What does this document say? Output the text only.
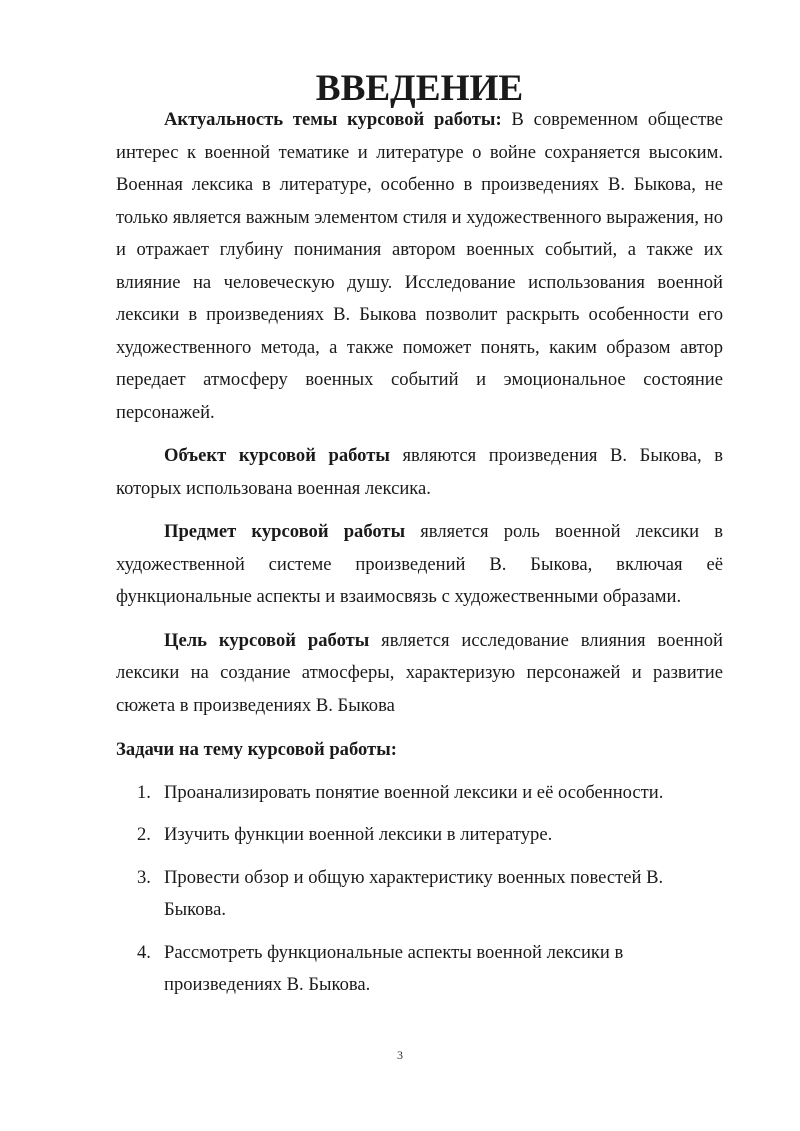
ВВЕДЕНИЕ

Актуальность темы курсовой работы: В современном обществе интерес к военной тематике и литературе о войне сохраняется высоким. Военная лексика в литературе, особенно в произведениях В. Быкова, не только является важным элементом стиля и художественного выражения, но и отражает глубину понимания автором военных событий, а также их влияние на человеческую душу. Исследование использования военной лексики в произведениях В. Быкова позволит раскрыть особенности его художественного метода, а также поможет понять, каким образом автор передает атмосферу военных событий и эмоциональное состояние персонажей.

Объект курсовой работы являются произведения В. Быкова, в которых использована военная лексика.

Предмет курсовой работы является роль военной лексики в художественной системе произведений В. Быкова, включая её функциональные аспекты и взаимосвязь с художественными образами.

Цель курсовой работы является исследование влияния военной лексики на создание атмосферы, характеризую персонажей и развитие сюжета в произведениях В. Быкова

Задачи на тему курсовой работы:

1. Проанализировать понятие военной лексики и её особенности.
2. Изучить функции военной лексики в литературе.
3. Провести обзор и общую характеристику военных повестей В. Быкова.
4. Рассмотреть функциональные аспекты военной лексики в произведениях В. Быкова.
3
